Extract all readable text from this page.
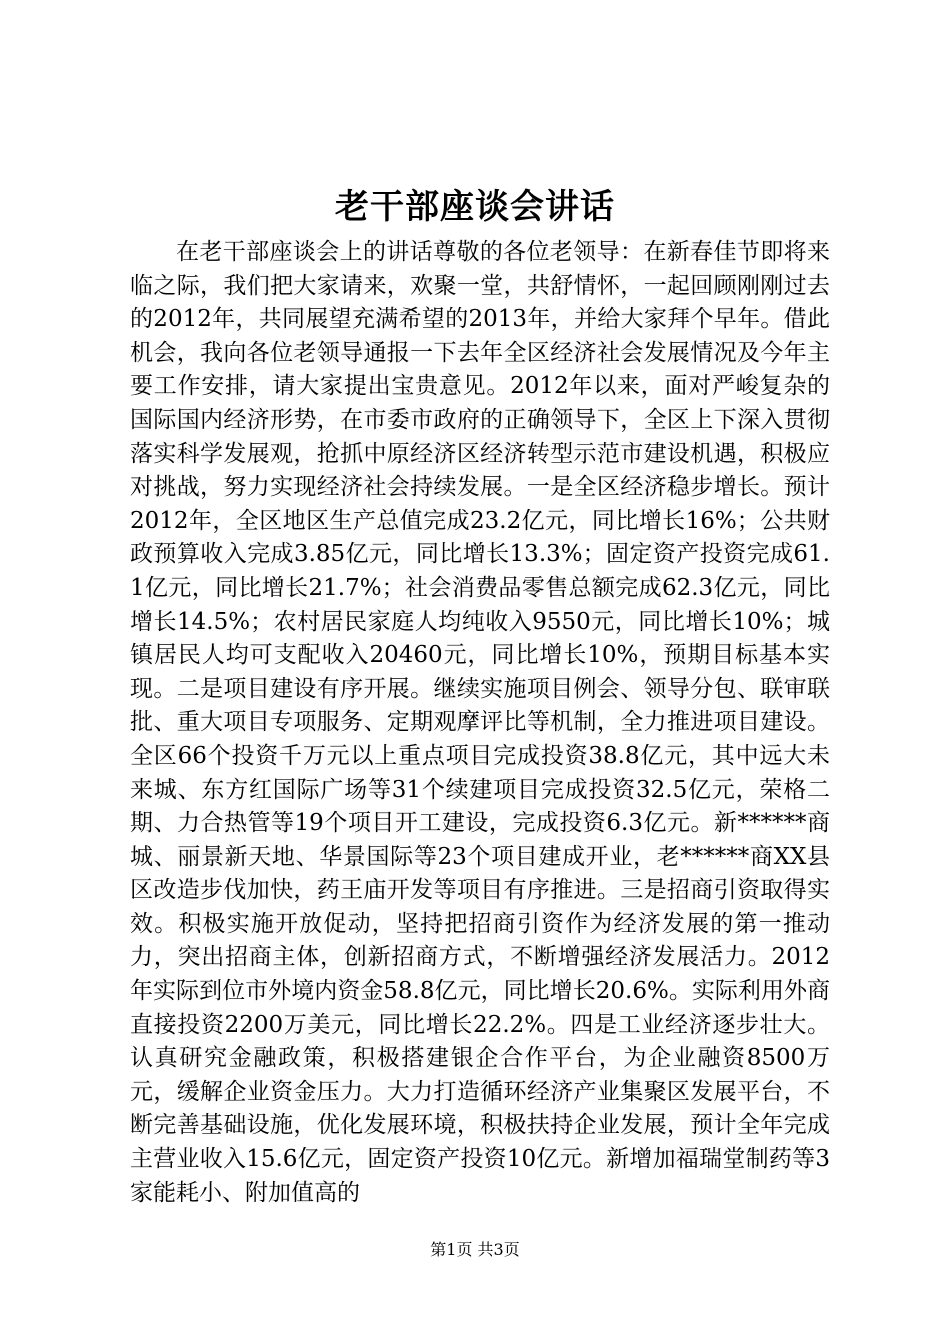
老干部座谈会讲话

在老干部座谈会上的讲话尊敬的各位老领导：在新春佳节即将来临之际，我们把大家请来，欢聚一堂，共舒情怀，一起回顾刚刚过去的2012年，共同展望充满希望的2013年，并给大家拜个早年。借此机会，我向各位老领导通报一下去年全区经济社会发展情况及今年主要工作安排，请大家提出宝贵意见。2012年以来，面对严峻复杂的国际国内经济形势，在市委市政府的正确领导下，全区上下深入贯彻落实科学发展观，抢抓中原经济区经济转型示范市建设机遇，积极应对挑战，努力实现经济社会持续发展。一是全区经济稳步增长。预计2012年，全区地区生产总值完成23.2亿元，同比增长16%；公共财政预算收入完成3.85亿元，同比增长13.3%；固定资产投资完成61.1亿元，同比增长21.7%；社会消费品零售总额完成62.3亿元，同比增长14.5%；农村居民家庭人均纯收入9550元，同比增长10%；城镇居民人均可支配收入20460元，同比增长10%，预期目标基本实现。二是项目建设有序开展。继续实施项目例会、领导分包、联审联批、重大项目专项服务、定期观摩评比等机制，全力推进项目建设。全区66个投资千万元以上重点项目完成投资38.8亿元，其中远大未来城、东方红国际广场等31个续建项目完成投资32.5亿元，荣格二期、力合热管等19个项目开工建设，完成投资6.3亿元。新******商城、丽景新天地、华景国际等23个项目建成开业，老******商XX县区改造步伐加快，药王庙开发等项目有序推进。三是招商引资取得实效。积极实施开放促动，坚持把招商引资作为经济发展的第一推动力，突出招商主体，创新招商方式，不断增强经济发展活力。2012年实际到位市外境内资金58.8亿元，同比增长20.6%。实际利用外商直接投资2200万美元，同比增长22.2%。四是工业经济逐步壮大。认真研究金融政策，积极搭建银企合作平台，为企业融资8500万元，缓解企业资金压力。大力打造循环经济产业集聚区发展平台，不断完善基础设施，优化发展环境，积极扶持企业发展，预计全年完成主营业收入15.6亿元，固定资产投资10亿元。新增加福瑞堂制药等3家能耗小、附加值高的

第1页 共3页
